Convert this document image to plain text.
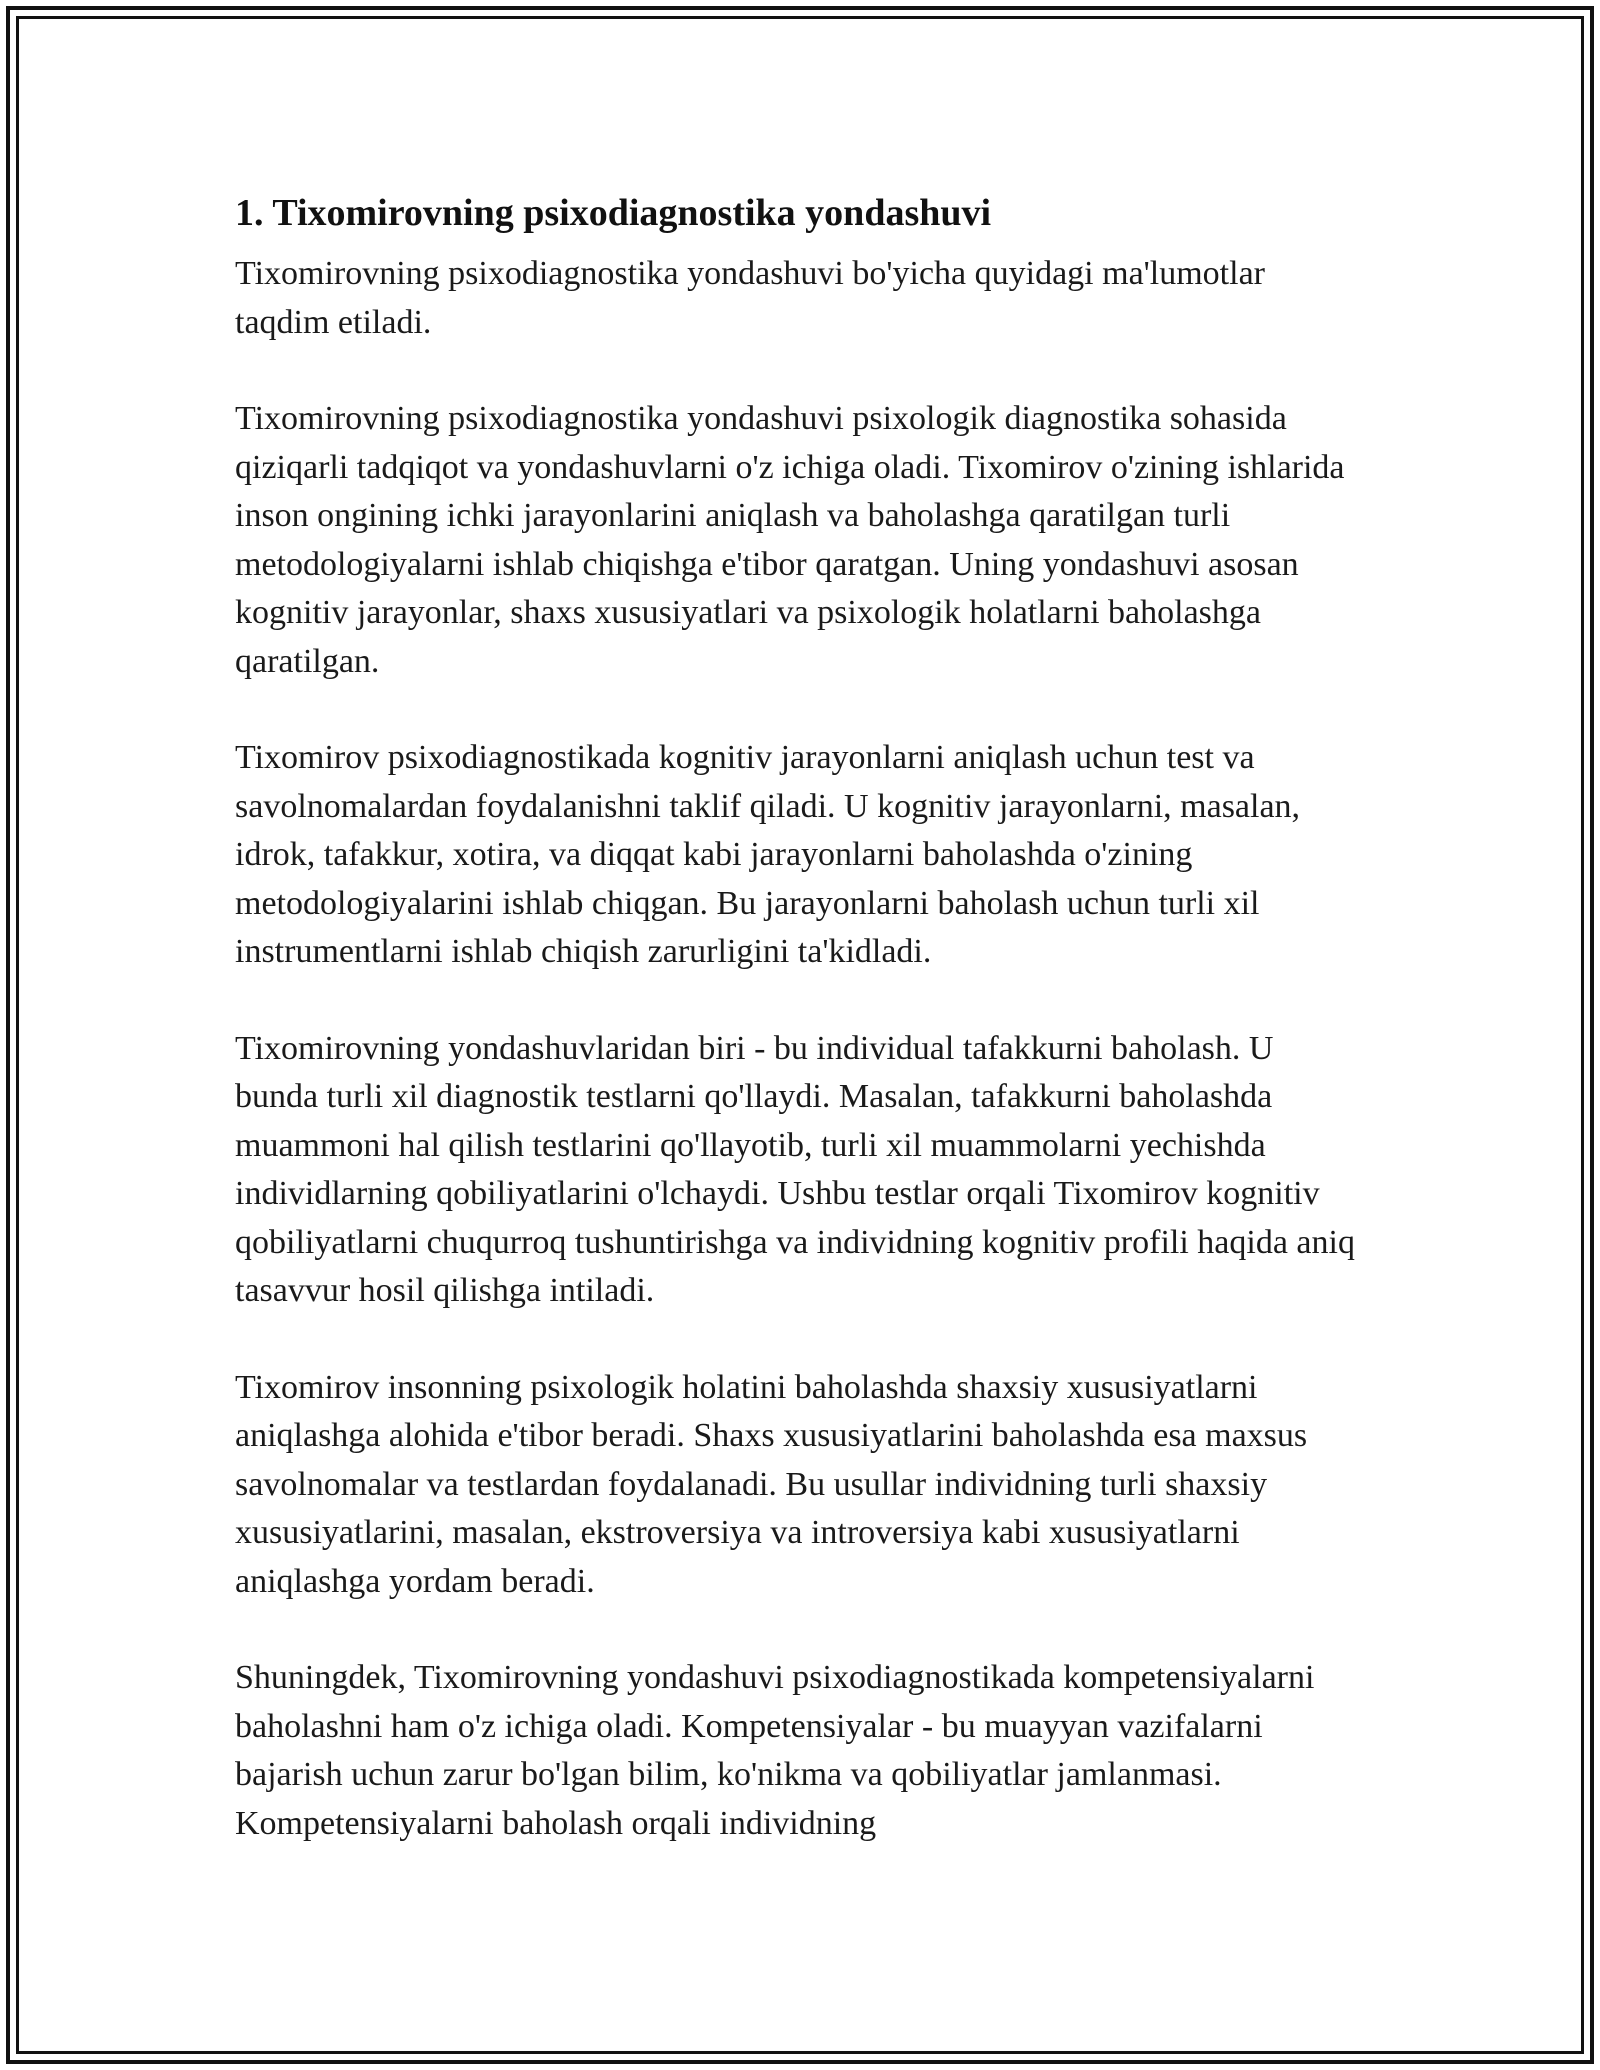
1. Tixomirovning psixodiagnostika yondashuvi

Tixomirovning psixodiagnostika yondashuvi bo'yicha quyidagi ma'lumotlar taqdim etiladi.

Tixomirovning psixodiagnostika yondashuvi psixologik diagnostika sohasida qiziqarli tadqiqot va yondashuvlarni o'z ichiga oladi. Tixomirov o'zining ishlarida inson ongining ichki jarayonlarini aniqlash va baholashga qaratilgan turli metodologiyalarni ishlab chiqishga e'tibor qaratgan. Uning yondashuvi asosan kognitiv jarayonlar, shaxs xususiyatlari va psixologik holatlarni baholashga qaratilgan.

Tixomirov psixodiagnostikada kognitiv jarayonlarni aniqlash uchun test va savolnomalardan foydalanishni taklif qiladi. U kognitiv jarayonlarni, masalan, idrok, tafakkur, xotira, va diqqat kabi jarayonlarni baholashda o'zining metodologiyalarini ishlab chiqgan. Bu jarayonlarni baholash uchun turli xil instrumentlarni ishlab chiqish zarurligini ta'kidladi.

Tixomirovning yondashuvlaridan biri - bu individual tafakkurni baholash. U bunda turli xil diagnostik testlarni qo'llaydi. Masalan, tafakkurni baholashda muammoni hal qilish testlarini qo'llayotib, turli xil muammolarni yechishda individlarning qobiliyatlarini o'lchaydi. Ushbu testlar orqali Tixomirov kognitiv qobiliyatlarni chuqurroq tushuntirishga va individning kognitiv profili haqida aniq tasavvur hosil qilishga intiladi.

Tixomirov insonning psixologik holatini baholashda shaxsiy xususiyatlarni aniqlashga alohida e'tibor beradi. Shaxs xususiyatlarini baholashda esa maxsus savolnomalar va testlardan foydalanadi. Bu usullar individning turli shaxsiy xususiyatlarini, masalan, ekstroversiya va introversiya kabi xususiyatlarni aniqlashga yordam beradi.

Shuningdek, Tixomirovning yondashuvi psixodiagnostikada kompetensiyalarni baholashni ham o'z ichiga oladi. Kompetensiyalar - bu muayyan vazifalarni bajarish uchun zarur bo'lgan bilim, ko'nikma va qobiliyatlar jamlanmasi. Kompetensiyalarni baholash orqali individning
